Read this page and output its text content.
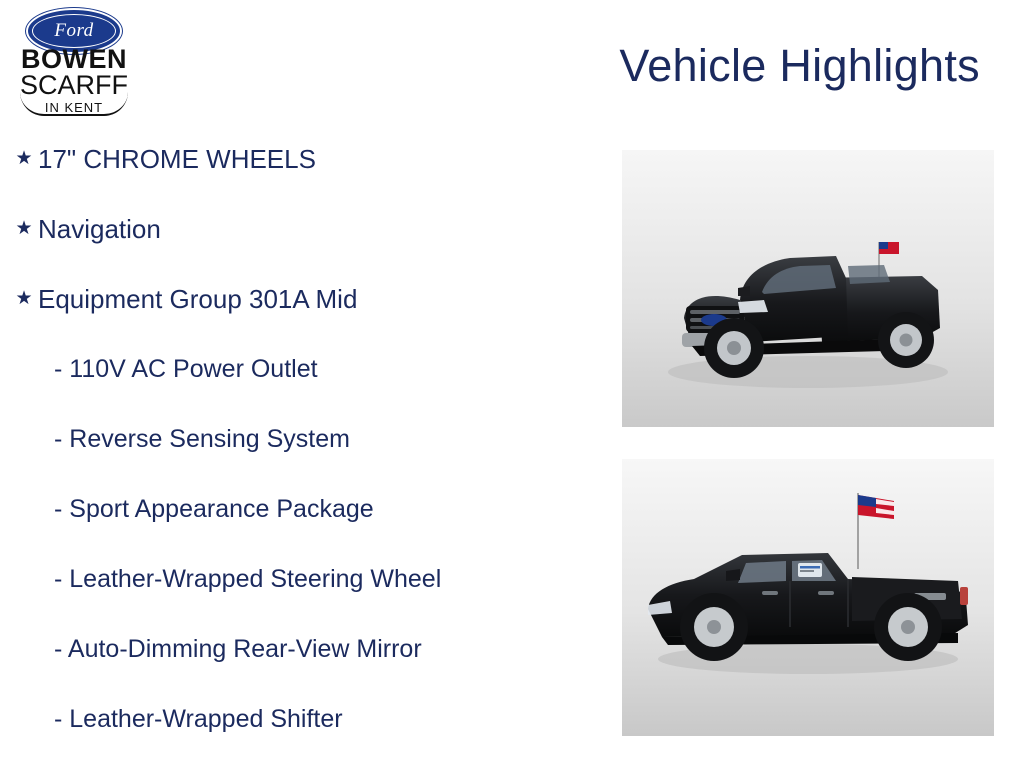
Ford
BOWEN
SCARFF
IN KENT
Vehicle Highlights
★ 17" CHROME WHEELS
★ Navigation
★ Equipment Group 301A Mid
- 110V AC Power Outlet
- Reverse Sensing System
- Sport Appearance Package
- Leather-Wrapped Steering Wheel
- Auto-Dimming Rear-View Mirror
- Leather-Wrapped Shifter
